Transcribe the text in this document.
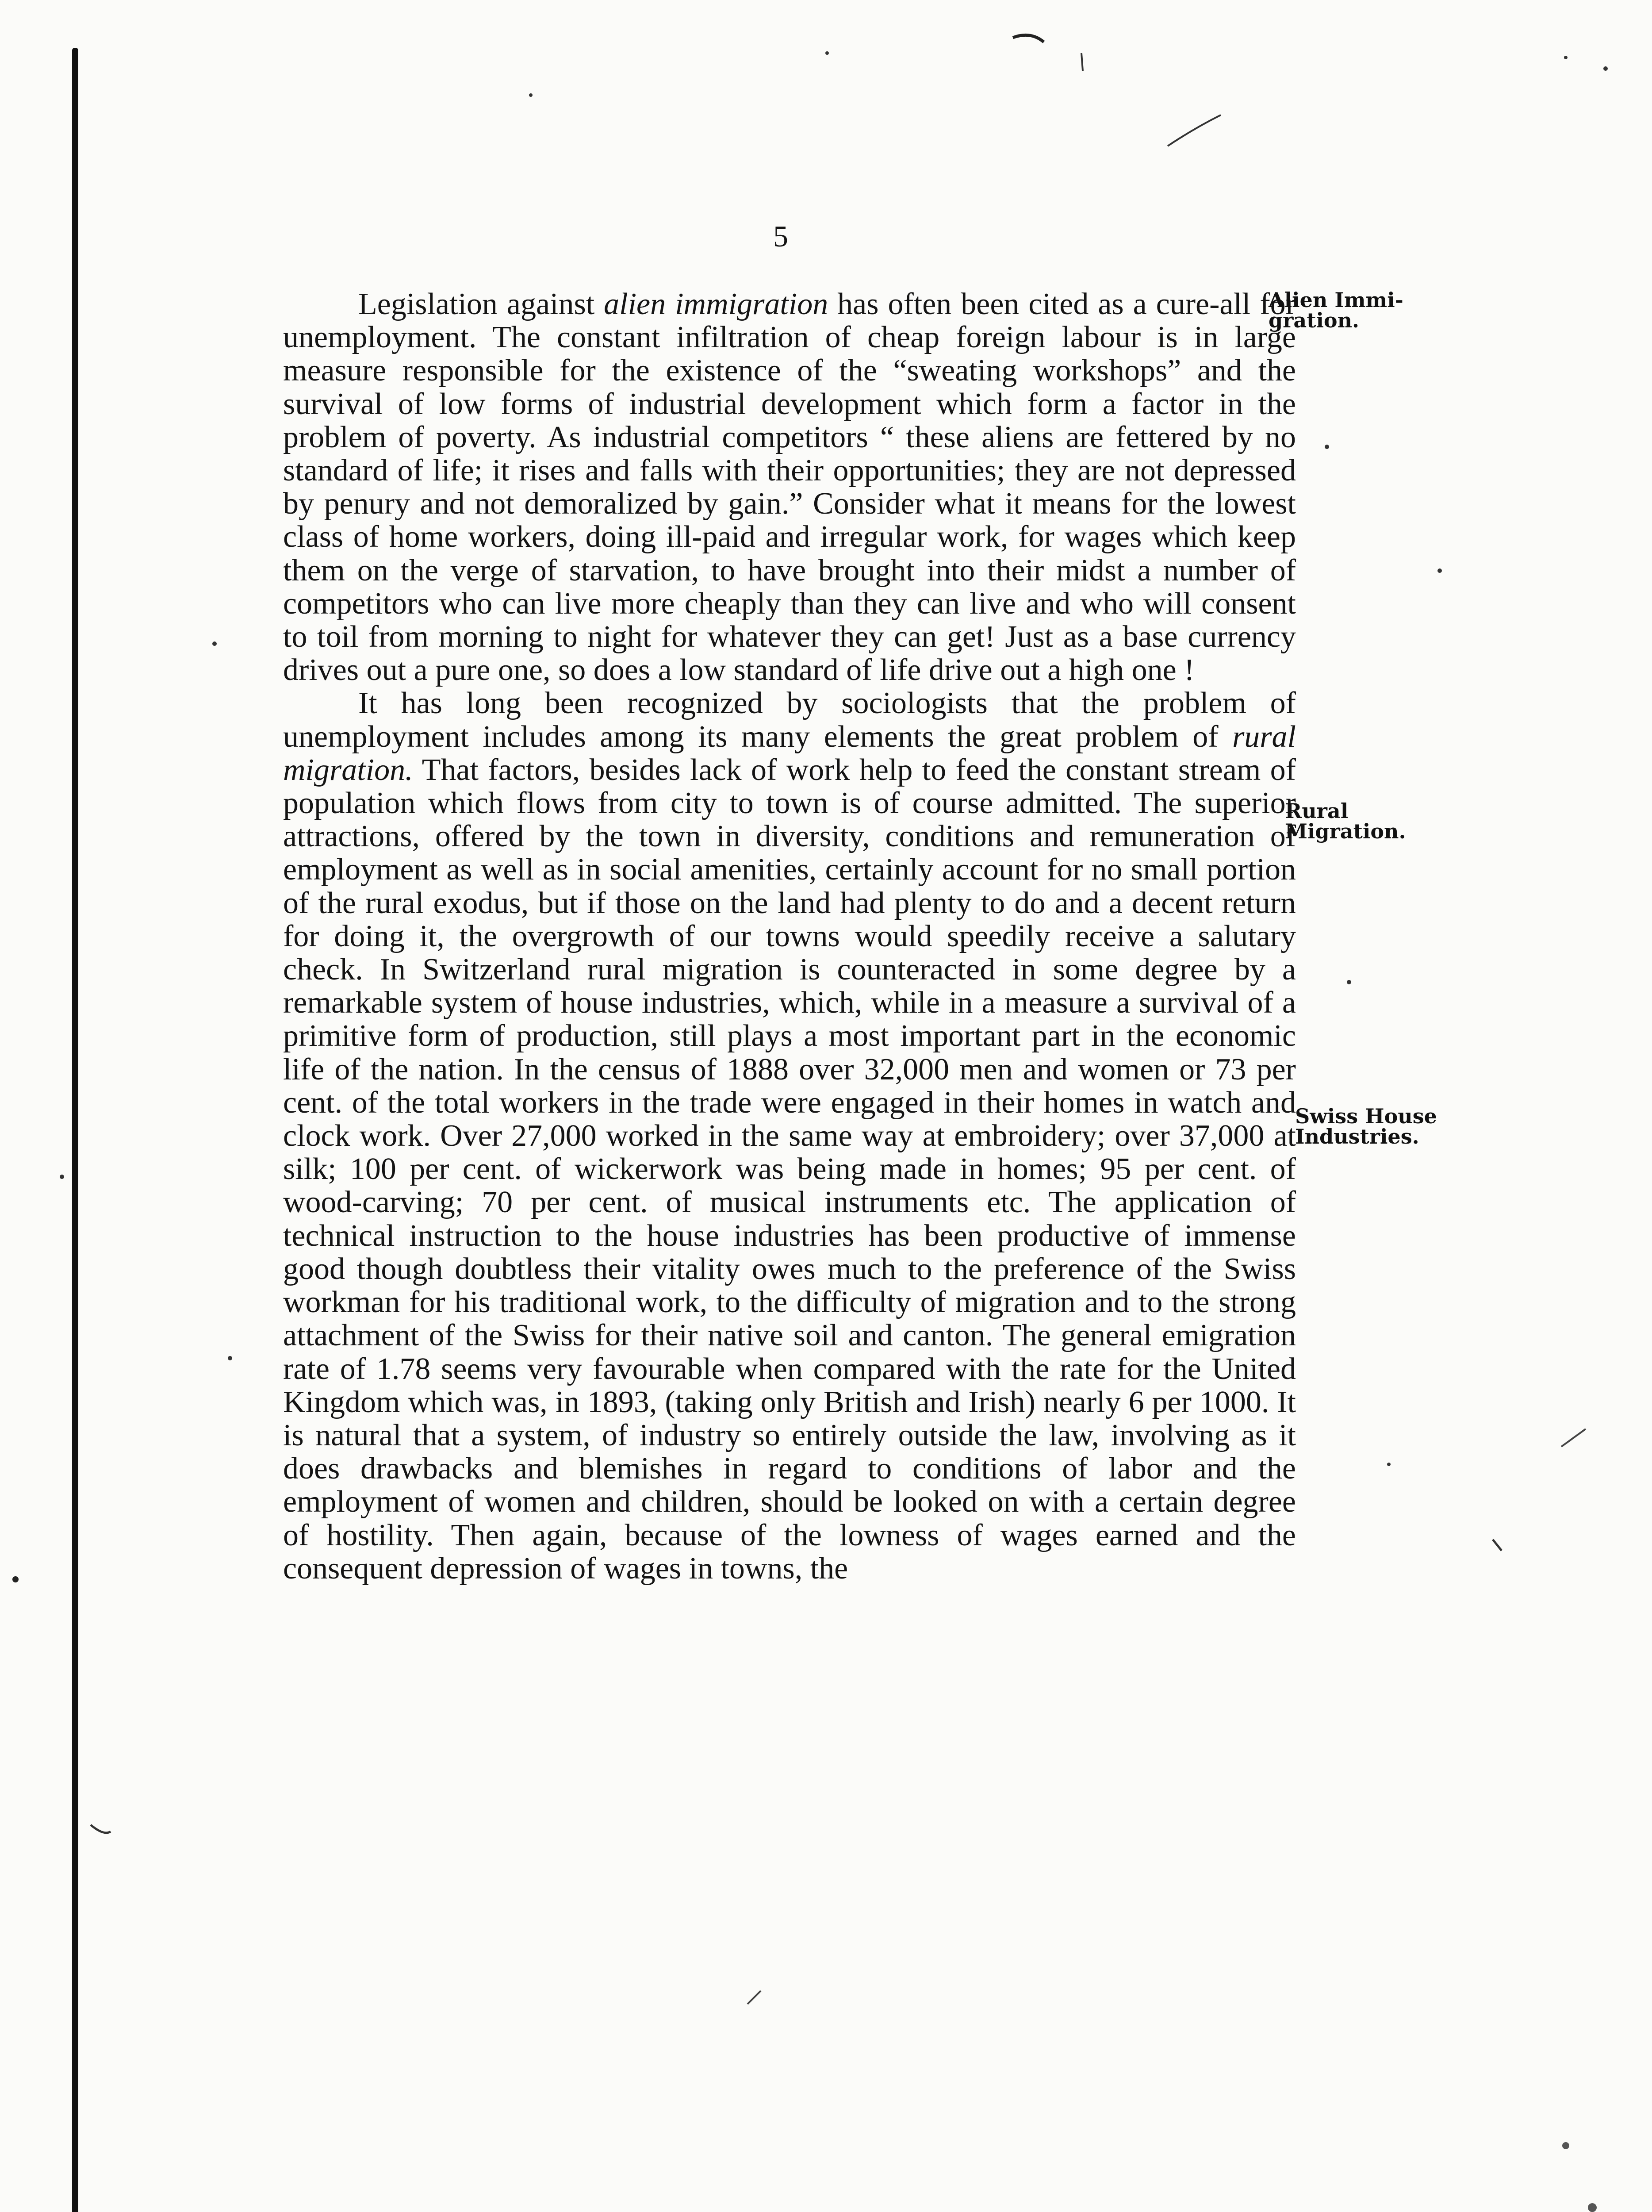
5

Legislation against alien immigration has often been cited as a cure-all for unemployment. The constant infiltration of cheap foreign labour is in large measure responsible for the existence of the “sweating workshops” and the survival of low forms of industrial development which form a factor in the problem of poverty. As industrial competitors “ these aliens are fettered by no standard of life; it rises and falls with their opportunities; they are not depressed by penury and not demoralized by gain.” Consider what it means for the lowest class of home workers, doing ill-paid and irregular work, for wages which keep them on the verge of starvation, to have brought into their midst a number of competitors who can live more cheaply than they can live and who will consent to toil from morning to night for whatever they can get! Just as a base currency drives out a pure one, so does a low standard of life drive out a high one !

It has long been recognized by sociologists that the problem of unemployment includes among its many elements the great problem of rural migration. That factors, besides lack of work help to feed the constant stream of population which flows from city to town is of course admitted. The superior attractions, offered by the town in diversity, conditions and remuneration of employment as well as in social amenities, certainly account for no small portion of the rural exodus, but if those on the land had plenty to do and a decent return for doing it, the overgrowth of our towns would speedily receive a salutary check. In Switzerland rural migration is counteracted in some degree by a remarkable system of house industries, which, while in a measure a survival of a primitive form of production, still plays a most important part in the economic life of the nation. In the census of 1888 over 32,000 men and women or 73 per cent. of the total workers in the trade were engaged in their homes in watch and clock work. Over 27,000 worked in the same way at embroidery; over 37,000 at silk; 100 per cent. of wickerwork was being made in homes; 95 per cent. of wood-carving; 70 per cent. of musical instruments etc. The application of technical instruction to the house industries has been productive of immense good though doubtless their vitality owes much to the preference of the Swiss workman for his traditional work, to the difficulty of migration and to the strong attachment of the Swiss for their native soil and canton. The general emigration rate of 1.78 seems very favourable when compared with the rate for the United Kingdom which was, in 1893, (taking only British and Irish) nearly 6 per 1000. It is natural that a system, of industry so entirely outside the law, involving as it does drawbacks and blemishes in regard to conditions of labor and the employment of women and children, should be looked on with a certain degree of hostility. Then again, because of the lowness of wages earned and the consequent depression of wages in towns, the

Alien Immi-
gration.
Rural
Migration.
Swiss House
Industries.
